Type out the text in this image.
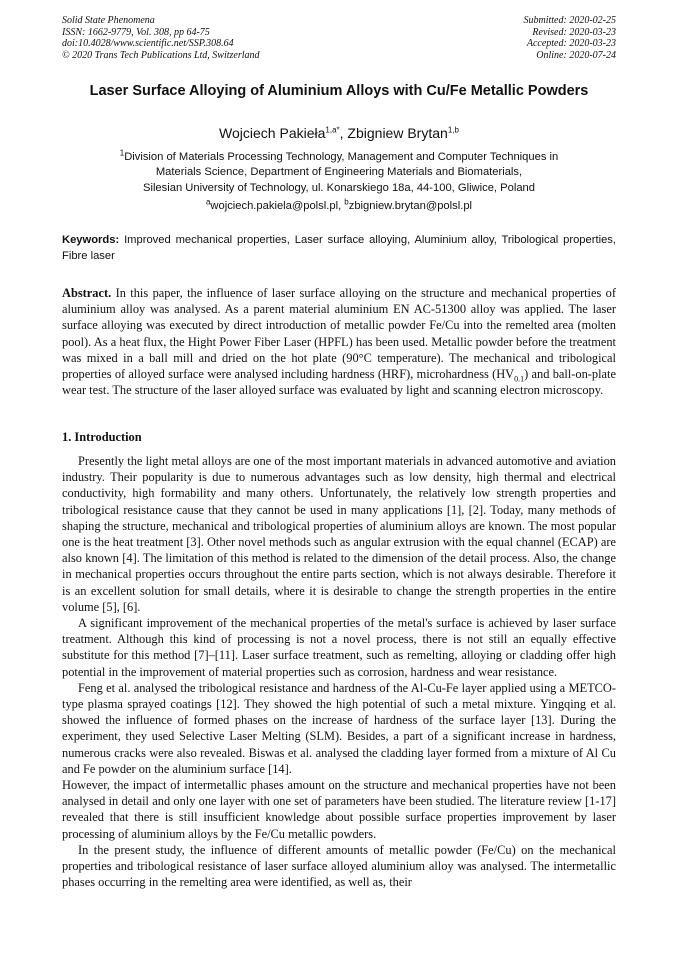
Solid State Phenomena
ISSN: 1662-9779, Vol. 308, pp 64-75
doi:10.4028/www.scientific.net/SSP.308.64
© 2020 Trans Tech Publications Ltd, Switzerland
Submitted: 2020-02-25
Revised: 2020-03-23
Accepted: 2020-03-23
Online: 2020-07-24
Laser Surface Alloying of Aluminium Alloys with Cu/Fe Metallic Powders
Wojciech Pakieła$^{1,a*}$, Zbigniew Brytan$^{1,b}$
$^1$Division of Materials Processing Technology, Management and Computer Techniques in
Materials Science, Department of Engineering Materials and Biomaterials,
Silesian University of Technology, ul. Konarskiego 18a, 44-100, Gliwice, Poland
$^a$wojciech.pakiela@polsl.pl, $^b$zbigniew.brytan@polsl.pl
Keywords: Improved mechanical properties, Laser surface alloying, Aluminium alloy, Tribological properties, Fibre laser
Abstract. In this paper, the influence of laser surface alloying on the structure and mechanical properties of aluminium alloy was analysed. As a parent material aluminium EN AC-51300 alloy was applied. The laser surface alloying was executed by direct introduction of metallic powder Fe/Cu into the remelted area (molten pool). As a heat flux, the Hight Power Fiber Laser (HPFL) has been used. Metallic powder before the treatment was mixed in a ball mill and dried on the hot plate (90°C temperature). The mechanical and tribological properties of alloyed surface were analysed including hardness (HRF), microhardness $(HV_{0.1})$ and ball-on-plate wear test. The structure of the laser alloyed surface was evaluated by light and scanning electron microscopy.
1. Introduction

Presently the light metal alloys are one of the most important materials in advanced automotive and aviation industry. Their popularity is due to numerous advantages such as low density, high thermal and electrical conductivity, high formability and many others. Unfortunately, the relatively low strength properties and tribological resistance cause that they cannot be used in many applications [1], [2]. Today, many methods of shaping the structure, mechanical and tribological properties of aluminium alloys are known. The most popular one is the heat treatment [3]. Other novel methods such as angular extrusion with the equal channel (ECAP) are also known [4]. The limitation of this method is related to the dimension of the detail process. Also, the change in mechanical properties occurs throughout the entire parts section, which is not always desirable. Therefore it is an excellent solution for small details, where it is desirable to change the strength properties in the entire volume [5], [6].

A significant improvement of the mechanical properties of the metal's surface is achieved by laser surface treatment. Although this kind of processing is not a novel process, there is not still an equally effective substitute for this method [7]–[11]. Laser surface treatment, such as remelting, alloying or cladding offer high potential in the improvement of material properties such as corrosion, hardness and wear resistance.

Feng et al. analysed the tribological resistance and hardness of the Al-Cu-Fe layer applied using a METCO-type plasma sprayed coatings [12]. They showed the high potential of such a metal mixture. Yingqing et al. showed the influence of formed phases on the increase of hardness of the surface layer [13]. During the experiment, they used Selective Laser Melting (SLM). Besides, a part of a significant increase in hardness, numerous cracks were also revealed. Biswas et al. analysed the cladding layer formed from a mixture of Al Cu and Fe powder on the aluminium surface [14].

However, the impact of intermetallic phases amount on the structure and mechanical properties have not been analysed in detail and only one layer with one set of parameters have been studied. The literature review [1-17] revealed that there is still insufficient knowledge about possible surface properties improvement by laser processing of aluminium alloys by the Fe/Cu metallic powders.

In the present study, the influence of different amounts of metallic powder (Fe/Cu) on the mechanical properties and tribological resistance of laser surface alloyed aluminium alloy was analysed. The intermetallic phases occurring in the remelting area were identified, as well as, their
